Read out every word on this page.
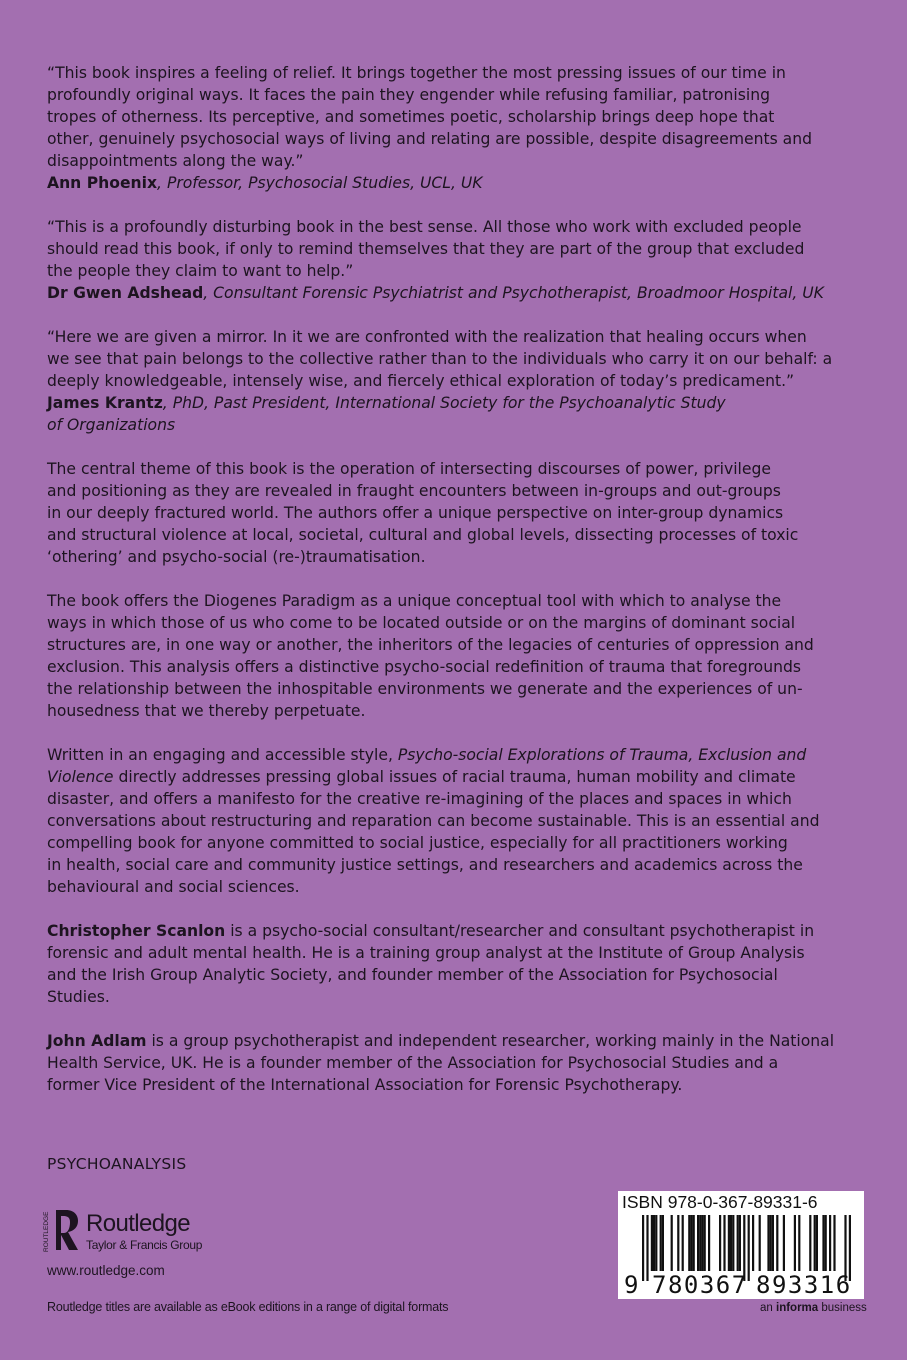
“This book inspires a feeling of relief. It brings together the most pressing issues of our time in

profoundly original ways. It faces the pain they engender while refusing familiar, patronising

tropes of otherness. Its perceptive, and sometimes poetic, scholarship brings deep hope that

other, genuinely psychosocial ways of living and relating are possible, despite disagreements and

disappointments along the way.”

Ann Phoenix, Professor, Psychosocial Studies, UCL, UK

“This is a profoundly disturbing book in the best sense. All those who work with excluded people

should read this book, if only to remind themselves that they are part of the group that excluded

the people they claim to want to help.”

Dr Gwen Adshead, Consultant Forensic Psychiatrist and Psychotherapist, Broadmoor Hospital, UK

“Here we are given a mirror. In it we are confronted with the realization that healing occurs when

we see that pain belongs to the collective rather than to the individuals who carry it on our behalf: a

deeply knowledgeable, intensely wise, and fiercely ethical exploration of today’s predicament.”

James Krantz, PhD, Past President, International Society for the Psychoanalytic Study

of Organizations

The central theme of this book is the operation of intersecting discourses of power, privilege

and positioning as they are revealed in fraught encounters between in-groups and out-groups

in our deeply fractured world. The authors offer a unique perspective on inter-group dynamics

and structural violence at local, societal, cultural and global levels, dissecting processes of toxic

‘othering’ and psycho-social (re-)traumatisation.

The book offers the Diogenes Paradigm as a unique conceptual tool with which to analyse the

ways in which those of us who come to be located outside or on the margins of dominant social

structures are, in one way or another, the inheritors of the legacies of centuries of oppression and

exclusion. This analysis offers a distinctive psycho-social redefinition of trauma that foregrounds

the relationship between the inhospitable environments we generate and the experiences of un-

housedness that we thereby perpetuate.

Written in an engaging and accessible style, Psycho-social Explorations of Trauma, Exclusion and

Violence directly addresses pressing global issues of racial trauma, human mobility and climate

disaster, and offers a manifesto for the creative re-imagining of the places and spaces in which

conversations about restructuring and reparation can become sustainable. This is an essential and

compelling book for anyone committed to social justice, especially for all practitioners working

in health, social care and community justice settings, and researchers and academics across the

behavioural and social sciences.

Christopher Scanlon is a psycho-social consultant/researcher and consultant psychotherapist in

forensic and adult mental health. He is a training group analyst at the Institute of Group Analysis

and the Irish Group Analytic Society, and founder member of the Association for Psychosocial

Studies.

John Adlam is a group psychotherapist and independent researcher, working mainly in the National

Health Service, UK. He is a founder member of the Association for Psychosocial Studies and a

former Vice President of the International Association for Forensic Psychotherapy.

PSYCHOANALYSIS
ROUTLEDGE Routledge
Taylor & Francis Group
www.routledge.com
Routledge titles are available as eBook editions in a range of digital formats
ISBN 978-0-367-89331-6
9 780367 893316
an informa business
